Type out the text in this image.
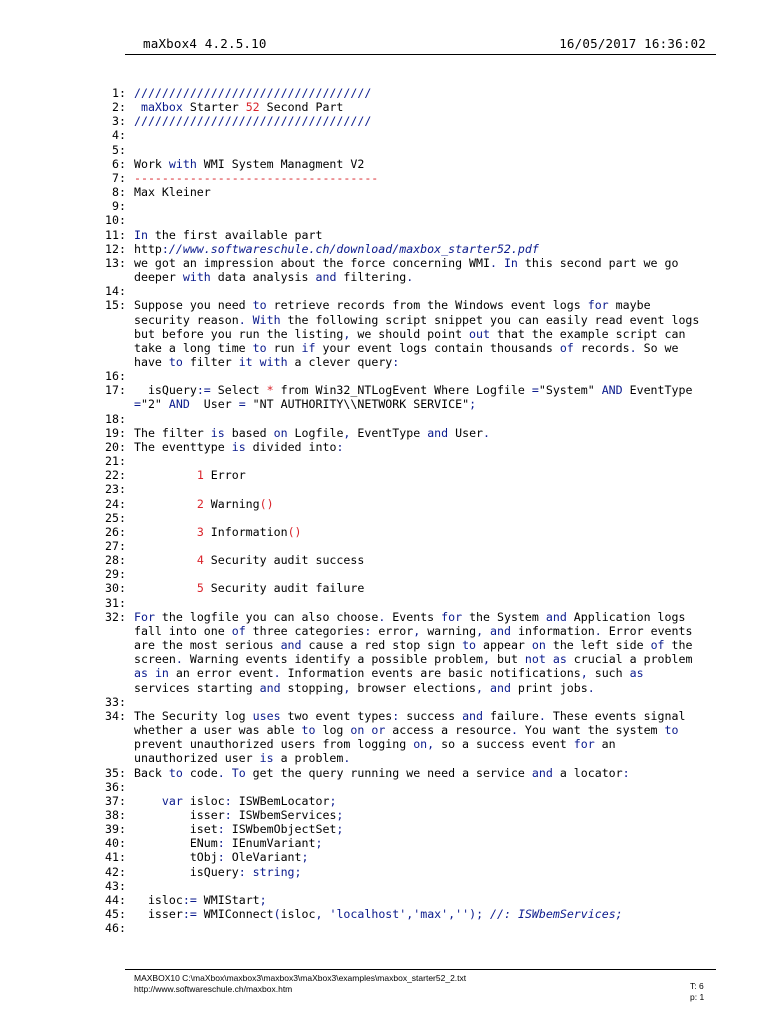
maXbox4 4.2.5.10	16/05/2017 16:36:02
1: //////////////////////////////////
2:	maXbox Starter 52 Second Part
3: //////////////////////////////////
4:

5:

6: Work with WMI System Managment V2
7: -----------------------------------
8: Max Kleiner
9:

10:

11: In the first available part
12: http://www.softwareschule.ch/download/maxbox_starter52.pdf
13: we got an impression about the force concerning WMI. In this second part we go
deeper with data analysis and filtering.
14:

15: Suppose you need to retrieve records from the Windows event logs for maybe
security reason. With the following script snippet you can easily read event logs
but before you run the listing, we should point out that the example script can
take a long time to run if your event logs contain thousands of records. So we
have to filter it with a clever query:
16:

17: isQuery:= Select * from Win32_NTLogEvent Where Logfile ="System" AND EventType
="2" AND  User = "NT AUTHORITY\\NETWORK SERVICE";
18:

19: The filter is based on Logfile, EventType and User.
20: The eventtype is divided into:
21:

22:	1 Error
23:

24:	2 Warning()
25:

26:	3 Information()
27:

28:	4 Security audit success
29:

30:	5 Security audit failure
31:

32: For the logfile you can also choose. Events for the System and Application logs
fall into one of three categories: error, warning, and information. Error events
are the most serious and cause a red stop sign to appear on the left side of the
screen. Warning events identify a possible problem, but not as crucial a problem
as in an error event. Information events are basic notifications, such as
services starting and stopping, browser elections, and print jobs.
33:

34: The Security log uses two event types: success and failure. These events signal
whether a user was able to log on or access a resource. You want the system to
prevent unauthorized users from logging on, so a success event for an
unauthorized user is a problem.
35: Back to code. To get the query running we need a service and a locator:
36:

37:	var isloc: ISWBemLocator;
38: isser: ISWbemServices;
39: iset: ISWbemObjectSet;
40: ENum: IEnumVariant;
41: tObj: OleVariant;
42: isQuery: string;
43:

44: isloc:= WMIStart;
45: isser:= WMIConnect(isloc, 'localhost','max',''); //: ISWbemServices;
46:

MAXBOX10 C:\maXbox\maxbox3\maxbox3\maXbox3\examples\maxbox_starter52_2.txt
http://www.softwareschule.ch/maxbox.htm	T: 6
p: 1
